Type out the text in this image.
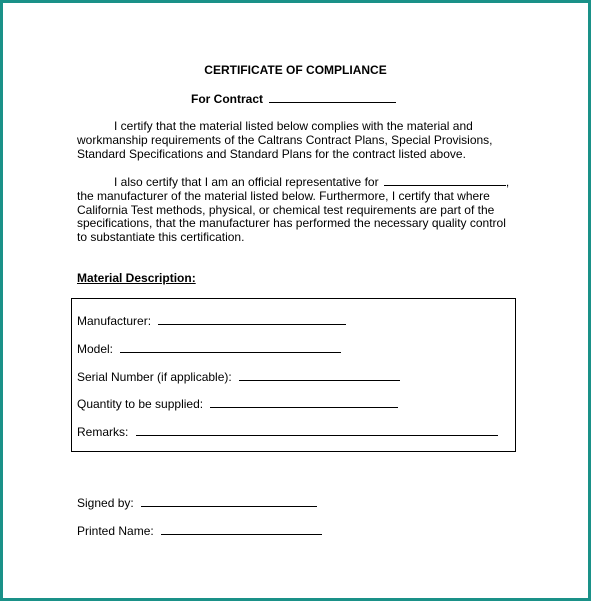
CERTIFICATE OF COMPLIANCE
For Contract
I certify that the material listed below complies with the material and
workmanship requirements of the Caltrans Contract Plans, Special Provisions,
Standard Specifications and Standard Plans for the contract listed above.
I also certify that I am an official representative for	,
the manufacturer of the material listed below. Furthermore, I certify that where
California Test methods, physical, or chemical test requirements are part of the
specifications, that the manufacturer has performed the necessary quality control
to substantiate this certification.
Material Description:
Manufacturer:
Model:
Serial Number (if applicable):
Quantity to be supplied:
Remarks:
Signed by:
Printed Name:
